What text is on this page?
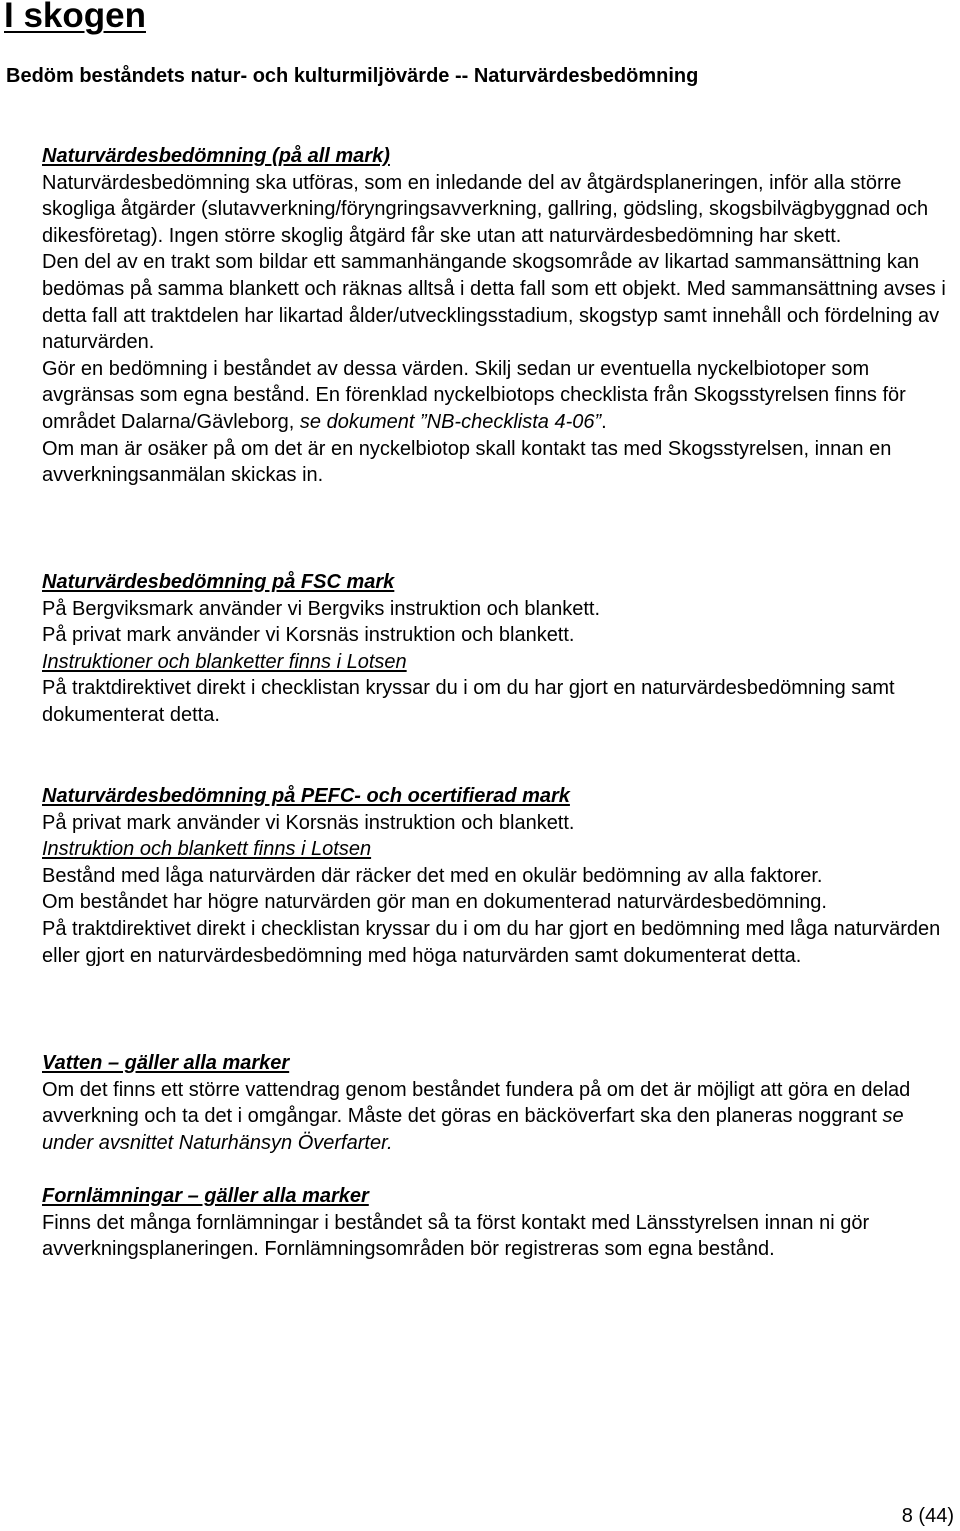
I skogen
Bedöm beståndets natur- och kulturmiljövärde -- Naturvärdesbedömning

Naturvärdesbedömning (på all mark)

Naturvärdesbedömning ska utföras, som en inledande del av åtgärdsplaneringen, inför alla större skogliga åtgärder (slutavverkning/föryngringsavverkning, gallring, gödsling, skogsbilvägbyggnad och dikesföretag). Ingen större skoglig åtgärd får ske utan att naturvärdesbedömning har skett.

Den del av en trakt som bildar ett sammanhängande skogsområde av likartad sammansättning kan bedömas på samma blankett och räknas alltså i detta fall som ett objekt. Med sammansättning avses i detta fall att traktdelen har likartad ålder/utvecklingsstadium, skogstyp samt innehåll och fördelning av naturvärden.

Gör en bedömning i beståndet av dessa värden. Skilj sedan ur eventuella nyckelbiotoper som avgränsas som egna bestånd. En förenklad nyckelbiotops checklista från Skogsstyrelsen finns för området Dalarna/Gävleborg, se dokument ”NB-checklista 4-06”.

Om man är osäker på om det är en nyckelbiotop skall kontakt tas med Skogsstyrelsen, innan en avverkningsanmälan skickas in.

Naturvärdesbedömning på FSC mark

På Bergviksmark använder vi Bergviks instruktion och blankett.

På privat mark använder vi Korsnäs instruktion och blankett.

Instruktioner och blanketter finns i Lotsen

På traktdirektivet direkt i checklistan kryssar du i om du har gjort en naturvärdesbedömning samt dokumenterat detta.

Naturvärdesbedömning på PEFC- och ocertifierad mark

På privat mark använder vi Korsnäs instruktion och blankett.

Instruktion och blankett finns i Lotsen

Bestånd med låga naturvärden där räcker det med en okulär bedömning av alla faktorer.

Om beståndet har högre naturvärden gör man en dokumenterad naturvärdesbedömning.

På traktdirektivet direkt i checklistan kryssar du i om du har gjort en bedömning med låga naturvärden eller gjort en naturvärdesbedömning med höga naturvärden samt dokumenterat detta.

Vatten – gäller alla marker

Om det finns ett större vattendrag genom beståndet fundera på om det är möjligt att göra en delad avverkning och ta det i omgångar. Måste det göras en bäcköverfart ska den planeras noggrant se under avsnittet Naturhänsyn Överfarter.

Fornlämningar – gäller alla marker

Finns det många fornlämningar i beståndet så ta först kontakt med Länsstyrelsen innan ni gör avverkningsplaneringen. Fornlämningsområden bör registreras som egna bestånd.

8 (44)
